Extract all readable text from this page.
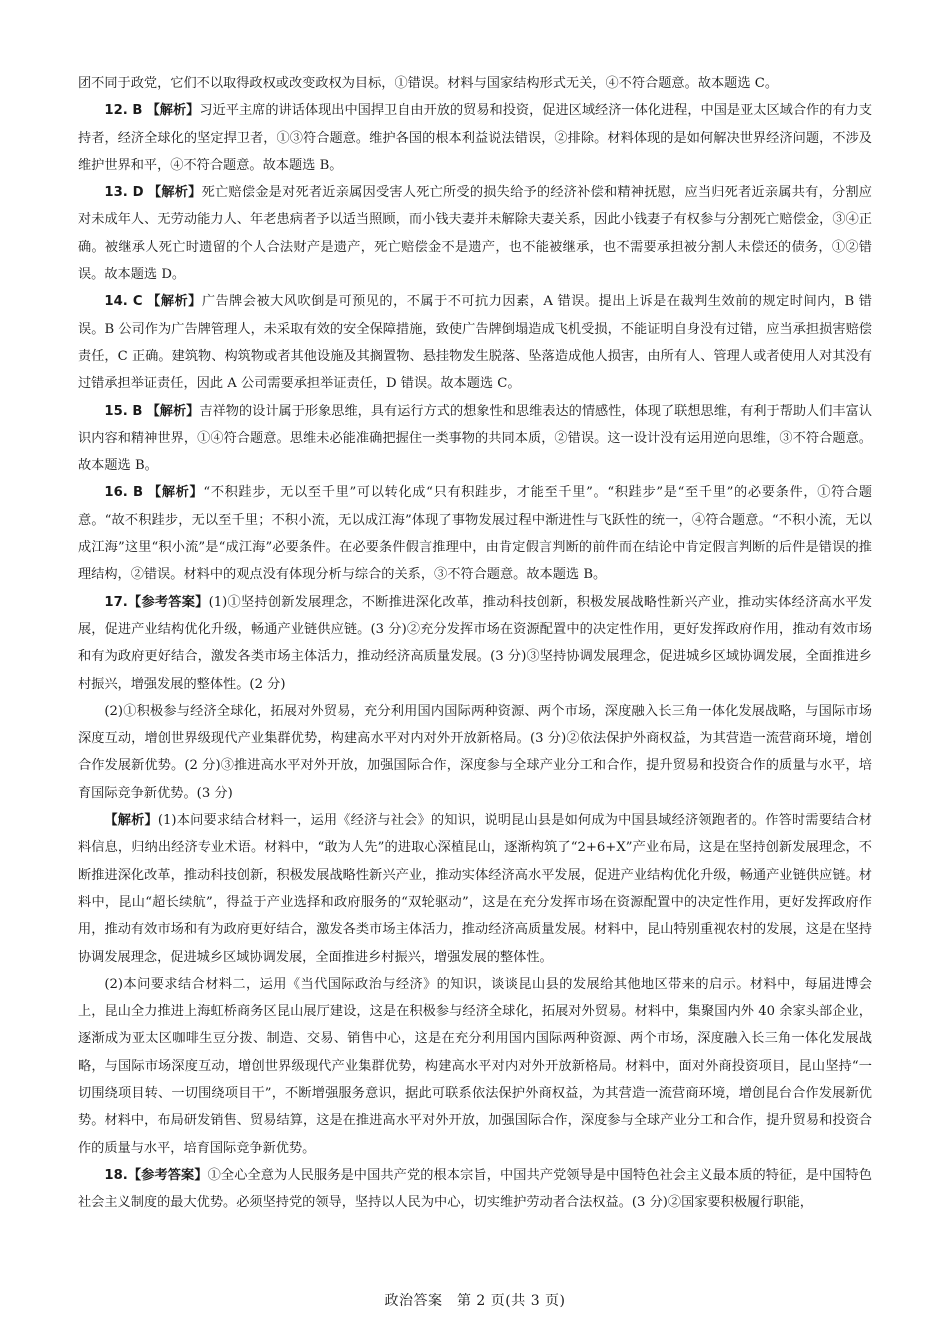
团不同于政党，它们不以取得政权或改变政权为目标，①错误。材料与国家结构形式无关，④不符合题意。故本题选 C。

12. B 【解析】习近平主席的讲话体现出中国捍卫自由开放的贸易和投资，促进区域经济一体化进程，中国是亚太区域合作的有力支持者，经济全球化的坚定捍卫者，①③符合题意。维护各国的根本利益说法错误，②排除。材料体现的是如何解决世界经济问题，不涉及维护世界和平，④不符合题意。故本题选 B。

13. D 【解析】死亡赔偿金是对死者近亲属因受害人死亡所受的损失给予的经济补偿和精神抚慰，应当归死者近亲属共有，分割应对未成年人、无劳动能力人、年老患病者予以适当照顾，而小钱夫妻并未解除夫妻关系，因此小钱妻子有权参与分割死亡赔偿金，③④正确。被继承人死亡时遗留的个人合法财产是遗产，死亡赔偿金不是遗产，也不能被继承，也不需要承担被分割人未偿还的债务，①②错误。故本题选 D。

14. C 【解析】广告牌会被大风吹倒是可预见的，不属于不可抗力因素，A 错误。提出上诉是在裁判生效前的规定时间内，B 错误。B 公司作为广告牌管理人，未采取有效的安全保障措施，致使广告牌倒塌造成飞机受损，不能证明自身没有过错，应当承担损害赔偿责任，C 正确。建筑物、构筑物或者其他设施及其搁置物、悬挂物发生脱落、坠落造成他人损害，由所有人、管理人或者使用人对其没有过错承担举证责任，因此 A 公司需要承担举证责任，D 错误。故本题选 C。

15. B 【解析】吉祥物的设计属于形象思维，具有运行方式的想象性和思维表达的情感性，体现了联想思维，有利于帮助人们丰富认识内容和精神世界，①④符合题意。思维未必能准确把握住一类事物的共同本质，②错误。这一设计没有运用逆向思维，③不符合题意。故本题选 B。

16. B 【解析】“不积跬步，无以至千里”可以转化成“只有积跬步，才能至千里”。“积跬步”是“至千里”的必要条件，①符合题意。“故不积跬步，无以至千里；不积小流，无以成江海”体现了事物发展过程中渐进性与飞跃性的统一，④符合题意。“不积小流，无以成江海”这里“积小流”是“成江海”必要条件。在必要条件假言推理中，由肯定假言判断的前件而在结论中肯定假言判断的后件是错误的推理结构，②错误。材料中的观点没有体现分析与综合的关系，③不符合题意。故本题选 B。

17.【参考答案】(1)①坚持创新发展理念，不断推进深化改革，推动科技创新，积极发展战略性新兴产业，推动实体经济高水平发展，促进产业结构优化升级，畅通产业链供应链。(3 分)②充分发挥市场在资源配置中的决定性作用，更好发挥政府作用，推动有效市场和有为政府更好结合，激发各类市场主体活力，推动经济高质量发展。(3 分)③坚持协调发展理念，促进城乡区域协调发展，全面推进乡村振兴，增强发展的整体性。(2 分)

(2)①积极参与经济全球化，拓展对外贸易，充分利用国内国际两种资源、两个市场，深度融入长三角一体化发展战略，与国际市场深度互动，增创世界级现代产业集群优势，构建高水平对内对外开放新格局。(3 分)②依法保护外商权益，为其营造一流营商环境，增创合作发展新优势。(2 分)③推进高水平对外开放，加强国际合作，深度参与全球产业分工和合作，提升贸易和投资合作的质量与水平，培育国际竞争新优势。(3 分)

【解析】(1)本问要求结合材料一，运用《经济与社会》的知识，说明昆山县是如何成为中国县域经济领跑者的。作答时需要结合材料信息，归纳出经济专业术语。材料中，“敢为人先”的进取心深植昆山，逐渐构筑了“2+6+X”产业布局，这是在坚持创新发展理念，不断推进深化改革，推动科技创新，积极发展战略性新兴产业，推动实体经济高水平发展，促进产业结构优化升级，畅通产业链供应链。材料中，昆山“超长续航”，得益于产业选择和政府服务的“双轮驱动”，这是在充分发挥市场在资源配置中的决定性作用，更好发挥政府作用，推动有效市场和有为政府更好结合，激发各类市场主体活力，推动经济高质量发展。材料中，昆山特别重视农村的发展，这是在坚持协调发展理念，促进城乡区域协调发展，全面推进乡村振兴，增强发展的整体性。

(2)本问要求结合材料二，运用《当代国际政治与经济》的知识，谈谈昆山县的发展给其他地区带来的启示。材料中，每届进博会上，昆山全力推进上海虹桥商务区昆山展厅建设，这是在积极参与经济全球化，拓展对外贸易。材料中，集聚国内外 40 余家头部企业，逐渐成为亚太区咖啡生豆分拨、制造、交易、销售中心，这是在充分利用国内国际两种资源、两个市场，深度融入长三角一体化发展战略，与国际市场深度互动，增创世界级现代产业集群优势，构建高水平对内对外开放新格局。材料中，面对外商投资项目，昆山坚持“一切围绕项目转、一切围绕项目干”，不断增强服务意识，据此可联系依法保护外商权益，为其营造一流营商环境，增创昆台合作发展新优势。材料中，布局研发销售、贸易结算，这是在推进高水平对外开放，加强国际合作，深度参与全球产业分工和合作，提升贸易和投资合作的质量与水平，培育国际竞争新优势。

18.【参考答案】①全心全意为人民服务是中国共产党的根本宗旨，中国共产党领导是中国特色社会主义最本质的特征，是中国特色社会主义制度的最大优势。必须坚持党的领导，坚持以人民为中心，切实维护劳动者合法权益。(3 分)②国家要积极履行职能，

政治答案　第 2 页(共 3 页)
